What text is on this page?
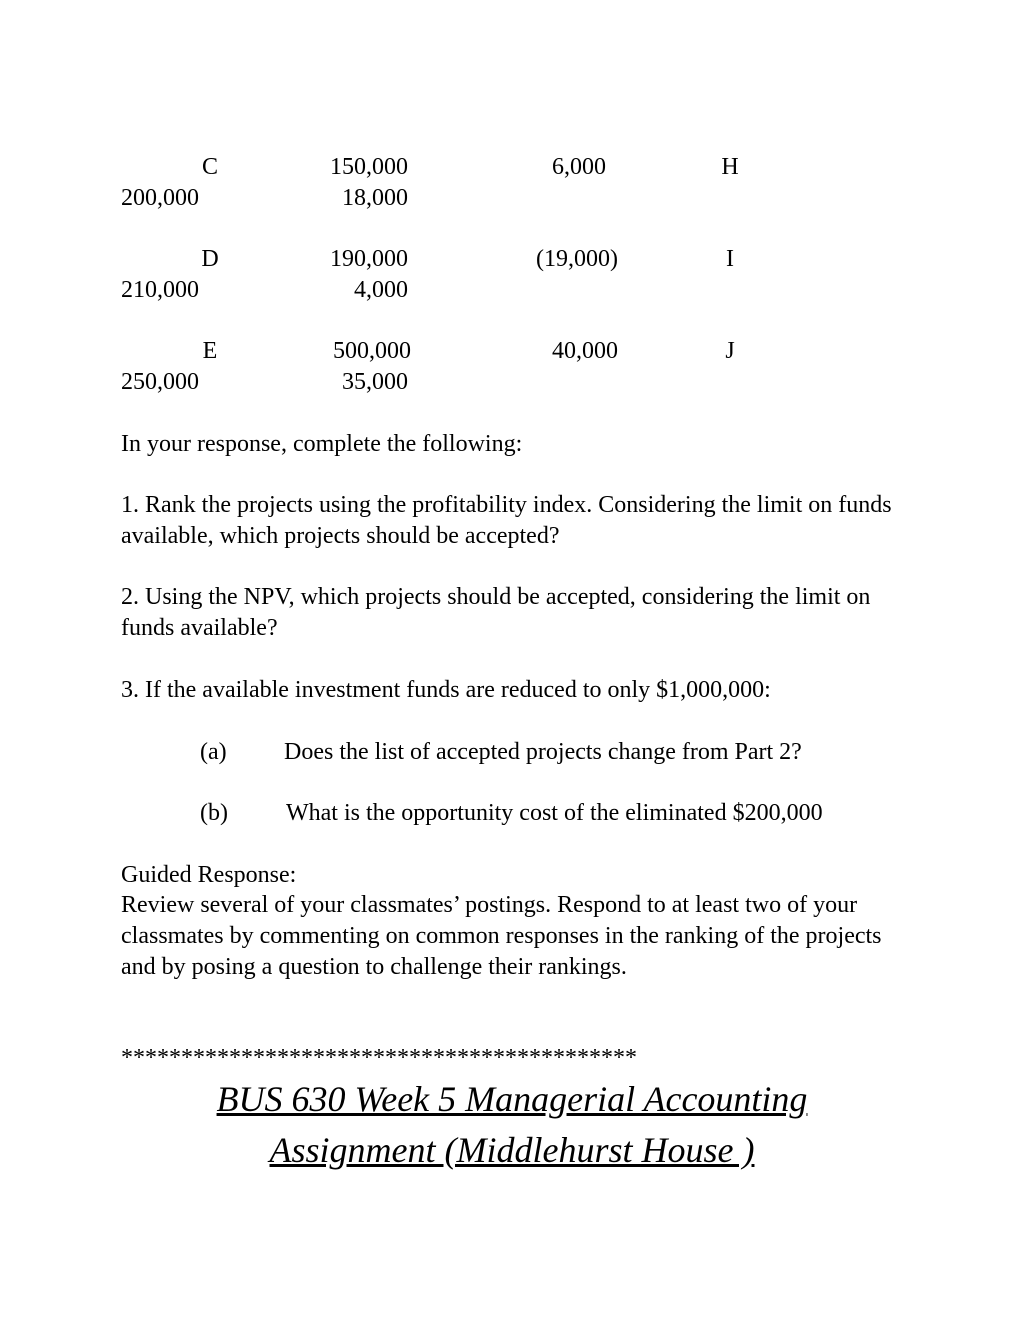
C	150,000	6,000	H
200,000	18,000
D	190,000	(19,000)	I
210,000	4,000
E	500,000	40,000	J
250,000	35,000
In your response, complete the following:
1. Rank the projects using the profitability index. Considering the limit on funds available, which projects should be accepted?
2. Using the NPV, which projects should be accepted, considering the limit on funds available?
3. If the available investment funds are reduced to only $1,000,000:
(a) Does the list of accepted projects change from Part 2?
(b) What is the opportunity cost of the eliminated $200,000
Guided Response:
Review several of your classmates’ postings. Respond to at least two of your classmates by commenting on common responses in the ranking of the projects and by posing a question to challenge their rankings.
*******************************************
BUS 630 Week 5 Managerial Accounting
Assignment (Middlehurst House )
